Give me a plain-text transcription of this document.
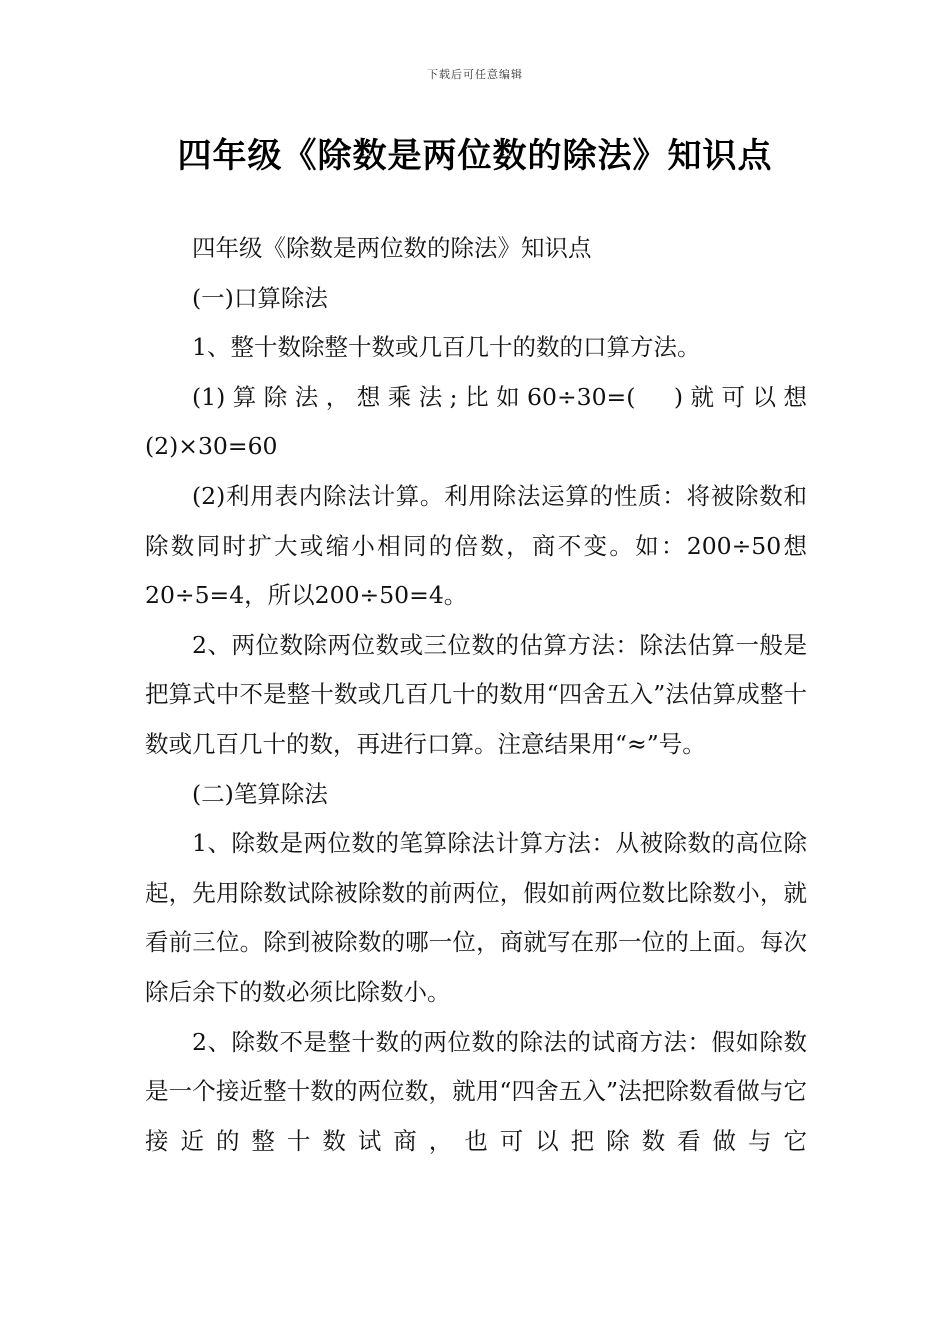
下载后可任意编辑
四年级《除数是两位数的除法》知识点

四年级《除数是两位数的除法》知识点

(一)口算除法

1、整十数除整十数或几百几十的数的口算方法。

(1)算除法，想乘法;比如60÷30=(　)就可以想(2)×30=60

(2)利用表内除法计算。利用除法运算的性质：将被除数和除数同时扩大或缩小相同的倍数，商不变。如：200÷50想20÷5=4，所以200÷50=4。

2、两位数除两位数或三位数的估算方法：除法估算一般是把算式中不是整十数或几百几十的数用“四舍五入”法估算成整十数或几百几十的数，再进行口算。注意结果用“≈”号。

(二)笔算除法

1、除数是两位数的笔算除法计算方法：从被除数的高位除起，先用除数试除被除数的前两位，假如前两位数比除数小，就看前三位。除到被除数的哪一位，商就写在那一位的上面。每次除后余下的数必须比除数小。

2、除数不是整十数的两位数的除法的试商方法：假如除数是一个接近整十数的两位数，就用“四舍五入”法把除数看做与它接近的整十数试商，也可以把除数看做与它
